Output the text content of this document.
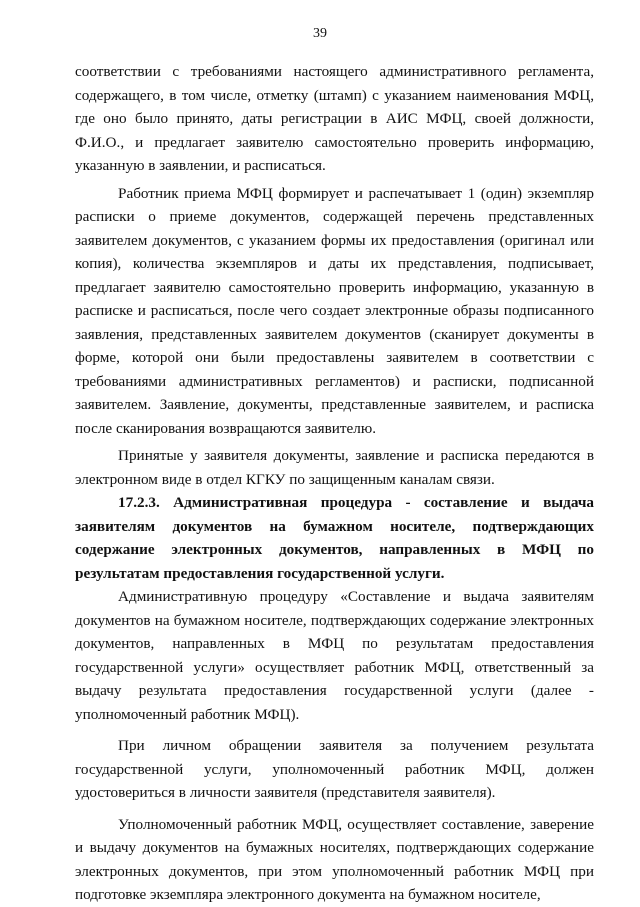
39

соответствии с требованиями настоящего административного регламента, содержащего, в том числе, отметку (штамп) с указанием наименования МФЦ, где оно было принято, даты регистрации в АИС МФЦ, своей должности, Ф.И.О., и предлагает заявителю самостоятельно проверить информацию, указанную в заявлении, и расписаться.

Работник приема МФЦ формирует и распечатывает 1 (один) экземпляр расписки о приеме документов, содержащей перечень представленных заявителем документов, с указанием формы их предоставления (оригинал или копия), количества экземпляров и даты их представления, подписывает, предлагает заявителю самостоятельно проверить информацию, указанную в расписке и расписаться, после чего создает электронные образы подписанного заявления, представленных заявителем документов (сканирует документы в форме, которой они были предоставлены заявителем в соответствии с требованиями административных регламентов) и расписки, подписанной заявителем. Заявление, документы, представленные заявителем, и расписка после сканирования возвращаются заявителю.

Принятые у заявителя документы, заявление и расписка передаются в электронном виде в отдел КГКУ по защищенным каналам связи.

17.2.3. Административная процедура - составление и выдача заявителям документов на бумажном носителе, подтверждающих содержание электронных документов, направленных в МФЦ по результатам предоставления государственной услуги.

Административную процедуру «Составление и выдача заявителям документов на бумажном носителе, подтверждающих содержание электронных документов, направленных в МФЦ по результатам предоставления государственной услуги» осуществляет работник МФЦ, ответственный за выдачу результата предоставления государственной услуги (далее - уполномоченный работник МФЦ).

При личном обращении заявителя за получением результата государственной услуги, уполномоченный работник МФЦ, должен удостовериться в личности заявителя (представителя заявителя).

Уполномоченный работник МФЦ, осуществляет составление, заверение и выдачу документов на бумажных носителях, подтверждающих содержание электронных документов, при этом уполномоченный работник МФЦ при подготовке экземпляра электронного документа на бумажном носителе,
